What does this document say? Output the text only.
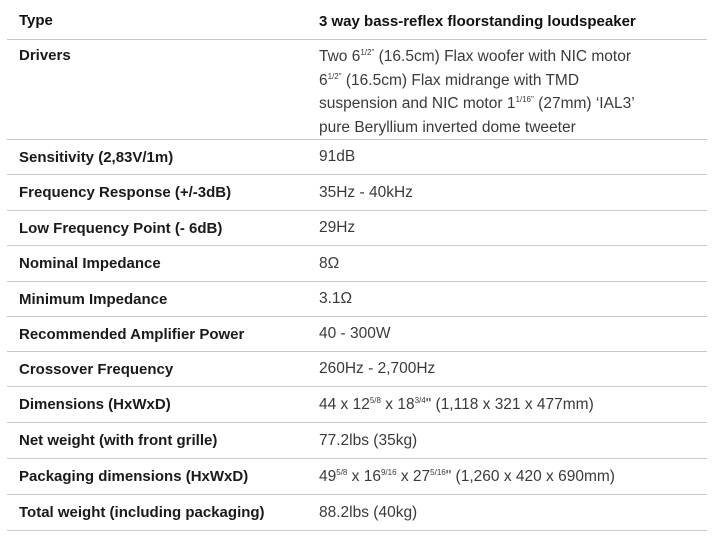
Type	3 way bass-reflex floorstanding loudspeaker
Drivers	Two $6^{1/2"}$ (16.5cm) Flax woofer with NIC motor
$6^{1/2"}$ (16.5cm) Flax midrange with TMD
suspension and NIC motor $1^{1/16"}$ (27mm) ‘IAL3’
pure Beryllium inverted dome tweeter
Sensitivity (2,83V/1m)	91dB
Frequency Response (+/-3dB)	35Hz - 40kHz
Low Frequency Point (- 6dB)	29Hz
Nominal Impedance	8Ω
Minimum Impedance	3.1Ω
Recommended Amplifier Power	40 - 300W
Crossover Frequency	260Hz - 2,700Hz
Dimensions (HxWxD)	44 x $12^{5/8}$ x $18^{3/4}$" (1,118 x 321 x 477mm)
Net weight (with front grille)	77.2lbs (35kg)
Packaging dimensions (HxWxD)	$49^{5/8}$ x $16^{9/16}$ x $27^{5/16}$" (1,260 x 420 x 690mm)
Total weight (including packaging)	88.2lbs (40kg)
